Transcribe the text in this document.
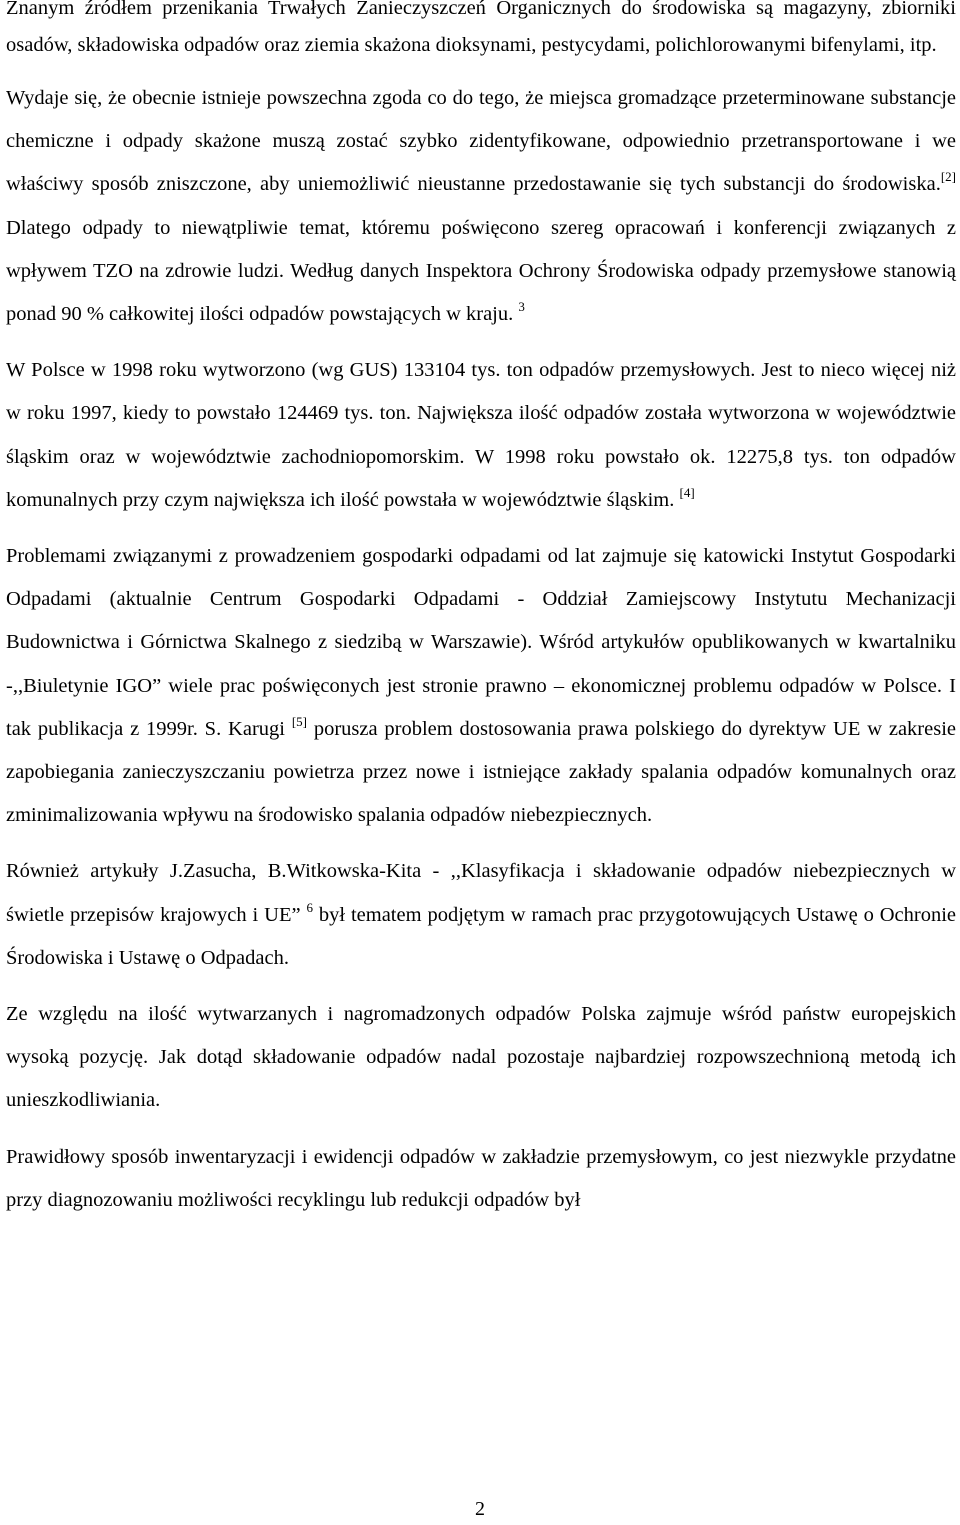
Znanym źródłem przenikania Trwałych Zanieczyszczeń Organicznych do środowiska są magazyny, zbiorniki osadów, składowiska odpadów oraz ziemia skażona dioksynami, pestycydami, polichlorowanymi bifenylami, itp.

Wydaje się, że obecnie istnieje powszechna zgoda co do tego, że miejsca gromadzące przeterminowane substancje chemiczne i odpady skażone muszą zostać szybko zidentyfikowane, odpowiednio przetransportowane i we właściwy sposób zniszczone, aby uniemożliwić nieustanne przedostawanie się tych substancji do środowiska.[2] Dlatego odpady to niewątpliwie temat, któremu poświęcono szereg opracowań i konferencji związanych z wpływem TZO na zdrowie ludzi. Według danych Inspektora Ochrony Środowiska odpady przemysłowe stanowią ponad 90 % całkowitej ilości odpadów powstających w kraju. $^3$

W Polsce w 1998 roku wytworzono (wg GUS) 133104 tys. ton odpadów przemysłowych. Jest to nieco więcej niż w roku 1997, kiedy to powstało 124469 tys. ton. Największa ilość odpadów została wytworzona w województwie śląskim oraz w województwie zachodniopomorskim. W 1998 roku powstało ok. 12275,8 tys. ton odpadów komunalnych przy czym największa ich ilość powstała w województwie śląskim. [4]

Problemami związanymi z prowadzeniem gospodarki odpadami od lat zajmuje się katowicki Instytut Gospodarki Odpadami (aktualnie Centrum Gospodarki Odpadami - Oddział Zamiejscowy Instytutu Mechanizacji Budownictwa i Górnictwa Skalnego z siedzibą w Warszawie). Wśród artykułów opublikowanych w kwartalniku -,,Biuletynie IGO” wiele prac poświęconych jest stronie prawno – ekonomicznej problemu odpadów w Polsce. I tak publikacja z 1999r. S. Karugi [5] porusza problem dostosowania prawa polskiego do dyrektyw UE w zakresie zapobiegania zanieczyszczaniu powietrza przez nowe i istniejące zakłady spalania odpadów komunalnych oraz zminimalizowania wpływu na środowisko spalania odpadów niebezpiecznych.

Również artykuły J.Zasucha, B.Witkowska-Kita - ,,Klasyfikacja i składowanie odpadów niebezpiecznych w świetle przepisów krajowych i UE” $^6$ był tematem podjętym w ramach prac przygotowujących Ustawę o Ochronie Środowiska i Ustawę o Odpadach.

Ze względu na ilość wytwarzanych i nagromadzonych odpadów Polska zajmuje wśród państw europejskich wysoką pozycję. Jak dotąd składowanie odpadów nadal pozostaje najbardziej rozpowszechnioną metodą ich unieszkodliwiania.

Prawidłowy sposób inwentaryzacji i ewidencji odpadów w zakładzie przemysłowym, co jest niezwykle przydatne przy diagnozowaniu możliwości recyklingu lub redukcji odpadów był

2
